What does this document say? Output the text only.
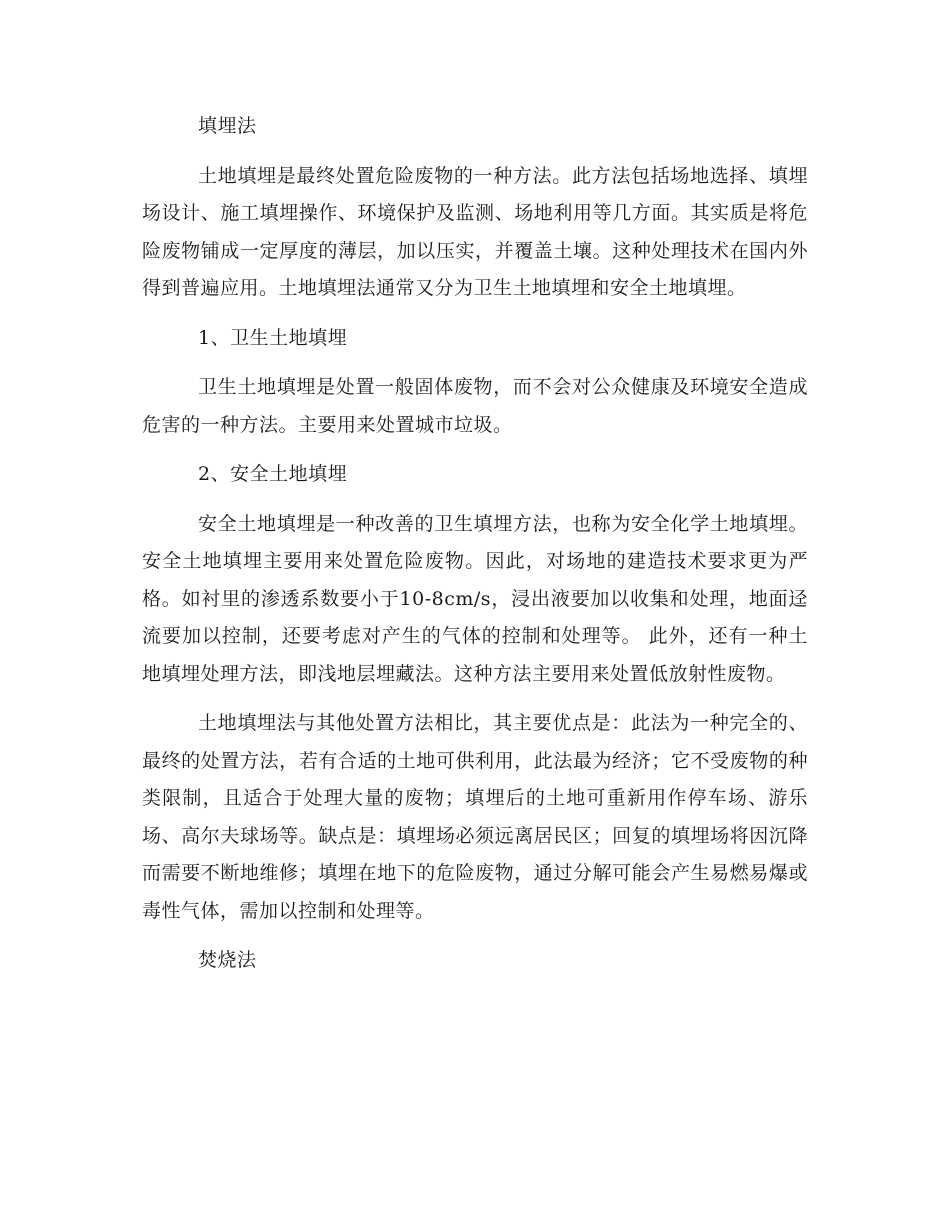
填埋法

土地填埋是最终处置危险废物的一种方法。此方法包括场地选择、填埋场设计、施工填埋操作、环境保护及监测、场地利用等几方面。其实质是将危险废物铺成一定厚度的薄层，加以压实，并覆盖土壤。这种处理技术在国内外得到普遍应用。土地填埋法通常又分为卫生土地填埋和安全土地填埋。

1、卫生土地填埋

卫生土地填埋是处置一般固体废物，而不会对公众健康及环境安全造成危害的一种方法。主要用来处置城市垃圾。

2、安全土地填埋

安全土地填埋是一种改善的卫生填埋方法，也称为安全化学土地填埋。安全土地填埋主要用来处置危险废物。因此，对场地的建造技术要求更为严格。如衬里的渗透系数要小于10-8cm/s，浸出液要加以收集和处理，地面迳流要加以控制，还要考虑对产生的气体的控制和处理等。 此外，还有一种土地填埋处理方法，即浅地层埋藏法。这种方法主要用来处置低放射性废物。

土地填埋法与其他处置方法相比，其主要优点是：此法为一种完全的、最终的处置方法，若有合适的土地可供利用，此法最为经济；它不受废物的种类限制，且适合于处理大量的废物；填埋后的土地可重新用作停车场、游乐场、高尔夫球场等。缺点是：填埋场必须远离居民区；回复的填埋场将因沉降而需要不断地维修；填埋在地下的危险废物，通过分解可能会产生易燃易爆或毒性气体，需加以控制和处理等。

焚烧法
